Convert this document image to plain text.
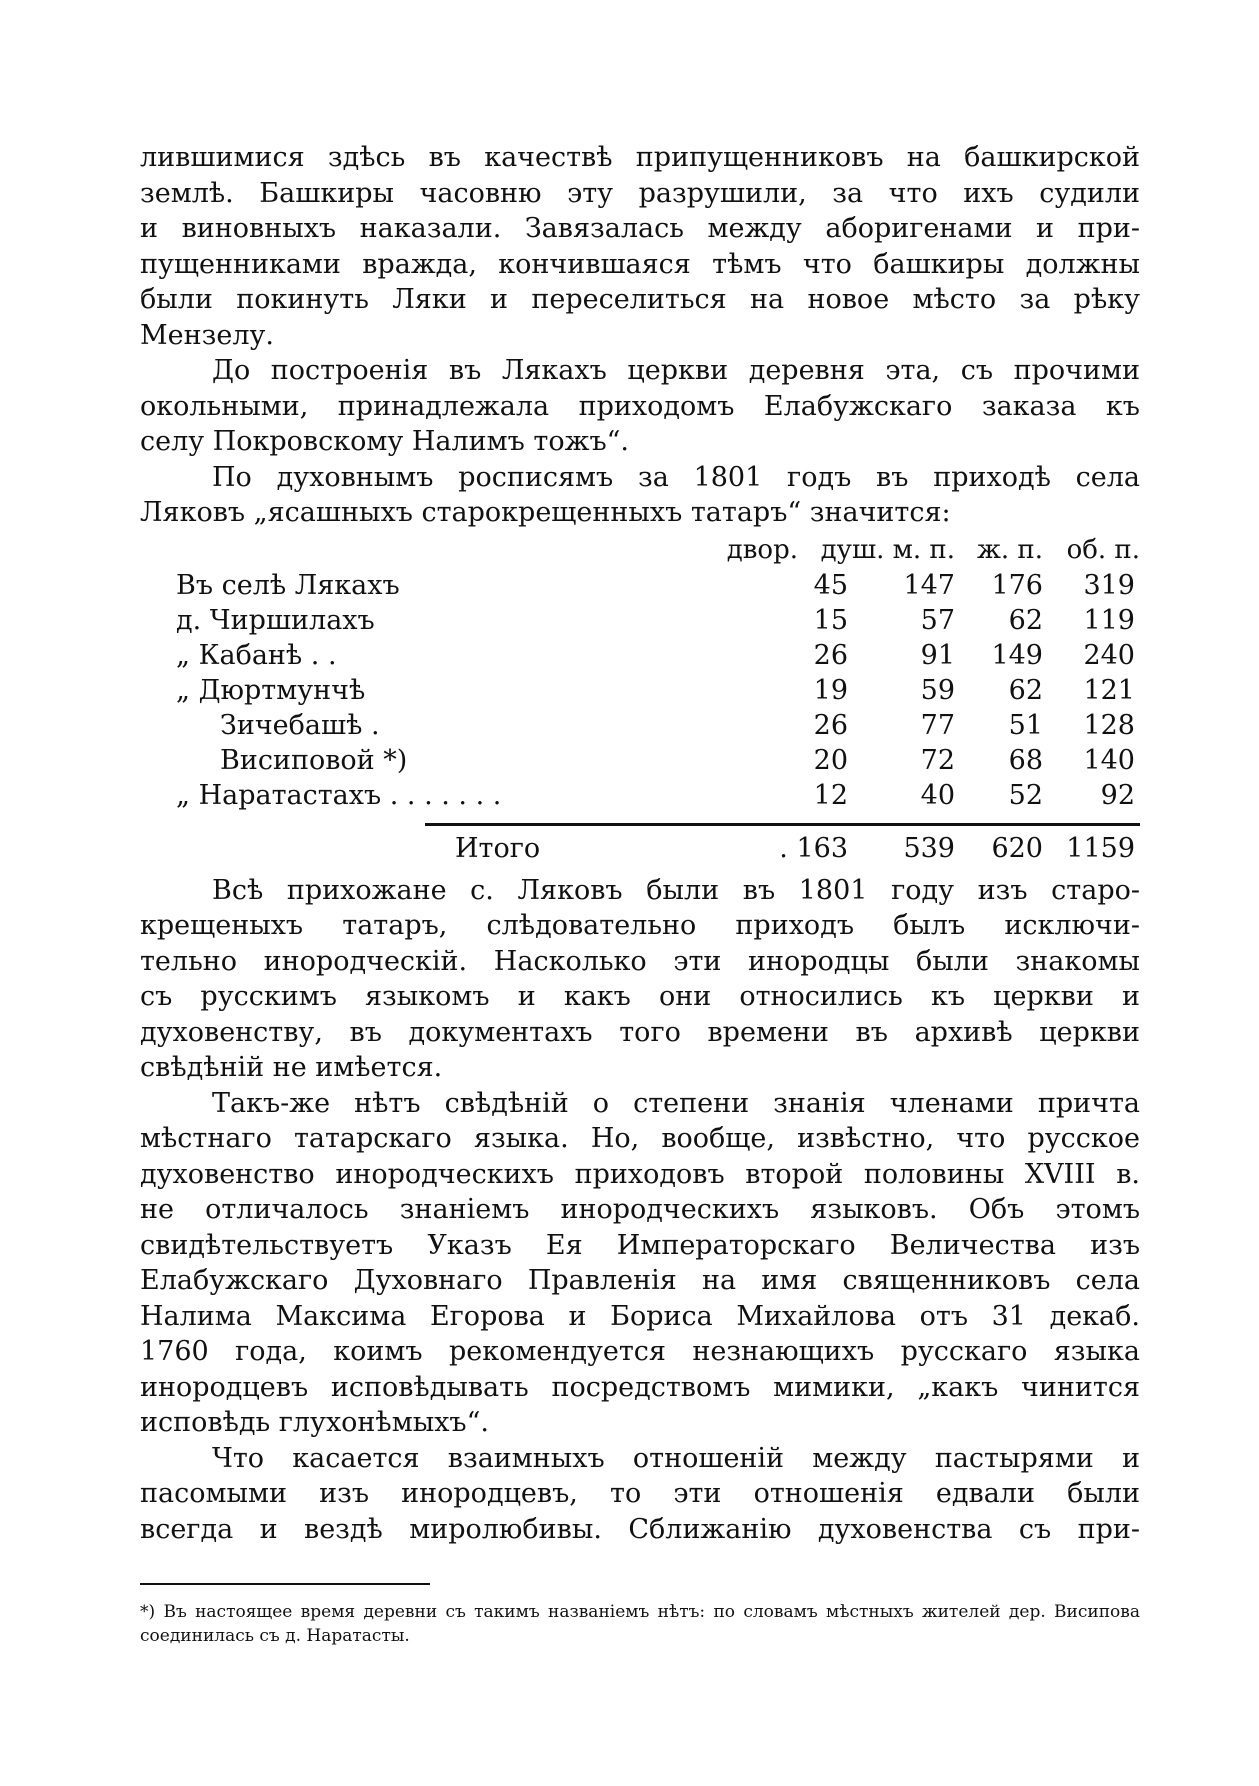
лившимися здѣсь въ качествѣ припущенниковъ на башкирской
землѣ. Башкиры часовню эту разрушили, за что ихъ судили
и виновныхъ наказали. Завязалась между аборигенами и при-
пущенниками вражда, кончившаяся тѣмъ что башкиры должны
были покинуть Ляки и переселиться на новое мѣсто за рѣку
Мензелу.

До построенія въ Лякахъ церкви деревня эта, съ прочими
окольными, принадлежала приходомъ Елабужскаго заказа къ
селу Покровскому Налимъ тожъ“.

По духовнымъ росписямъ за 1801 годъ въ приходѣ села
Ляковъ „ясашныхъ старокрещенныхъ татаръ“ значится:

двор. душ. м. п. ж. п. об. п.
Въ селѣ Лякахъ	45 147 176 319
д. Чиршилахъ	15	57 62 119
„ Кабанѣ . .	26	91 149 240
„ Дюртмунчѣ	19	59 62 121
Зичебашѣ .	26	77 51 128
Висиповой *)	20	72 68 140
„ Наратастахъ . . . . . . .	12	40 52 92
Итого	. 163 539 620 1159

Всѣ прихожане с. Ляковъ были въ 1801 году изъ старо-
крещеныхъ татаръ, слѣдовательно приходъ былъ исключи-
тельно инородческій. Насколько эти инородцы были знакомы
съ русскимъ языкомъ и какъ они относились къ церкви и
духовенству, въ документахъ того времени въ архивѣ церкви
свѣдѣній не имѣется.

Такъ-же нѣтъ свѣдѣній о степени знанія членами причта
мѣстнаго татарскаго языка. Но, вообще, извѣстно, что русское
духовенство инородческихъ приходовъ второй половины XVIII в.
не отличалось знаніемъ инородческихъ языковъ. Объ этомъ
свидѣтельствуетъ Указъ Ея Императорскаго Величества изъ
Елабужскаго Духовнаго Правленія на имя священниковъ села
Налима Максима Егорова и Бориса Михайлова отъ 31 декаб.
1760 года, коимъ рекомендуется незнающихъ русскаго языка
инородцевъ исповѣдывать посредствомъ мимики, „какъ чинится
исповѣдь глухонѣмыхъ“.

Что касается взаимныхъ отношеній между пастырями и
пасомыми изъ инородцевъ, то эти отношенія едвали были
всегда и вездѣ миролюбивы. Сближанію духовенства съ при-

*) Въ настоящее время деревни съ такимъ названіемъ нѣтъ: по словамъ мѣстныхъ жителей дер. Висипова соединилась съ д. Наратасты.
